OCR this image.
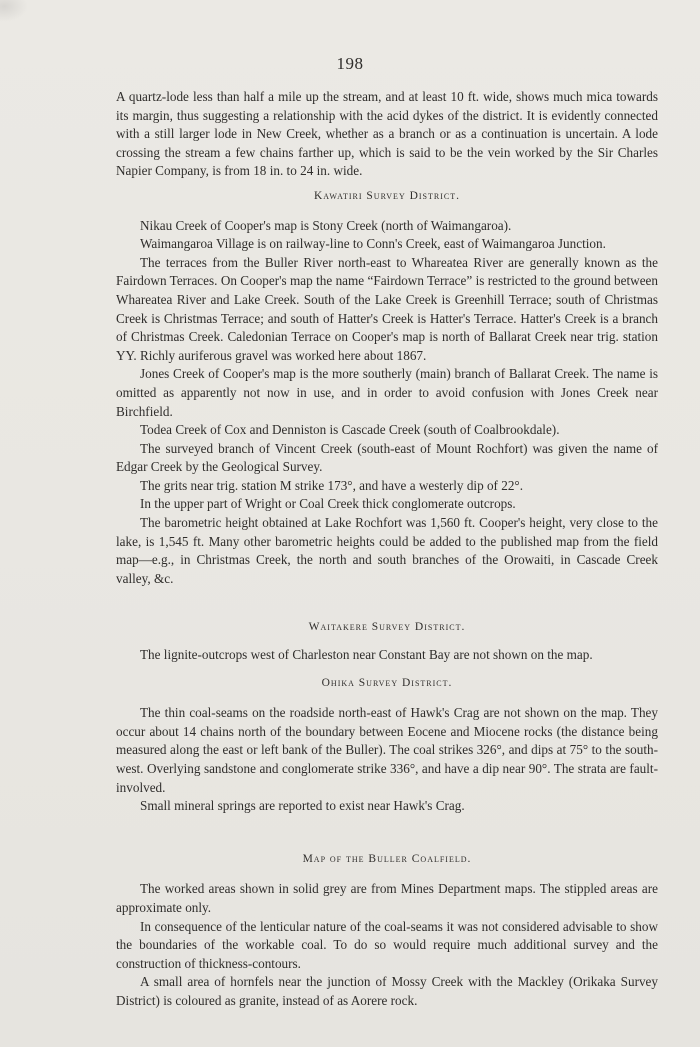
198

A quartz-lode less than half a mile up the stream, and at least 10 ft. wide, shows much mica towards its margin, thus suggesting a relationship with the acid dykes of the district. It is evidently connected with a still larger lode in New Creek, whether as a branch or as a continuation is uncertain. A lode crossing the stream a few chains farther up, which is said to be the vein worked by the Sir Charles Napier Company, is from 18 in. to 24 in. wide.

Kawatiri Survey District.

Nikau Creek of Cooper's map is Stony Creek (north of Waimangaroa).

Waimangaroa Village is on railway-line to Conn's Creek, east of Waimangaroa Junction.

The terraces from the Buller River north-east to Whareatea River are generally known as the Fairdown Terraces. On Cooper's map the name “Fairdown Terrace” is restricted to the ground between Whareatea River and Lake Creek. South of the Lake Creek is Greenhill Terrace; south of Christmas Creek is Christmas Terrace; and south of Hatter's Creek is Hatter's Terrace. Hatter's Creek is a branch of Christmas Creek. Caledonian Terrace on Cooper's map is north of Ballarat Creek near trig. station YY. Richly auriferous gravel was worked here about 1867.

Jones Creek of Cooper's map is the more southerly (main) branch of Ballarat Creek. The name is omitted as apparently not now in use, and in order to avoid confusion with Jones Creek near Birchfield.

Todea Creek of Cox and Denniston is Cascade Creek (south of Coalbrookdale).

The surveyed branch of Vincent Creek (south-east of Mount Rochfort) was given the name of Edgar Creek by the Geological Survey.

The grits near trig. station M strike 173°, and have a westerly dip of 22°.

In the upper part of Wright or Coal Creek thick conglomerate outcrops.

The barometric height obtained at Lake Rochfort was 1,560 ft. Cooper's height, very close to the lake, is 1,545 ft. Many other barometric heights could be added to the published map from the field map—e.g., in Christmas Creek, the north and south branches of the Orowaiti, in Cascade Creek valley, &c.

Waitakere Survey District.

The lignite-outcrops west of Charleston near Constant Bay are not shown on the map.

Ohika Survey District.

The thin coal-seams on the roadside north-east of Hawk's Crag are not shown on the map. They occur about 14 chains north of the boundary between Eocene and Miocene rocks (the distance being measured along the east or left bank of the Buller). The coal strikes 326°, and dips at 75° to the south-west. Overlying sandstone and conglomerate strike 336°, and have a dip near 90°. The strata are fault-involved.

Small mineral springs are reported to exist near Hawk's Crag.

Map of the Buller Coalfield.

The worked areas shown in solid grey are from Mines Department maps. The stippled areas are approximate only.

In consequence of the lenticular nature of the coal-seams it was not considered advisable to show the boundaries of the workable coal. To do so would require much additional survey and the construction of thickness-contours.

A small area of hornfels near the junction of Mossy Creek with the Mackley (Orikaka Survey District) is coloured as granite, instead of as Aorere rock.
